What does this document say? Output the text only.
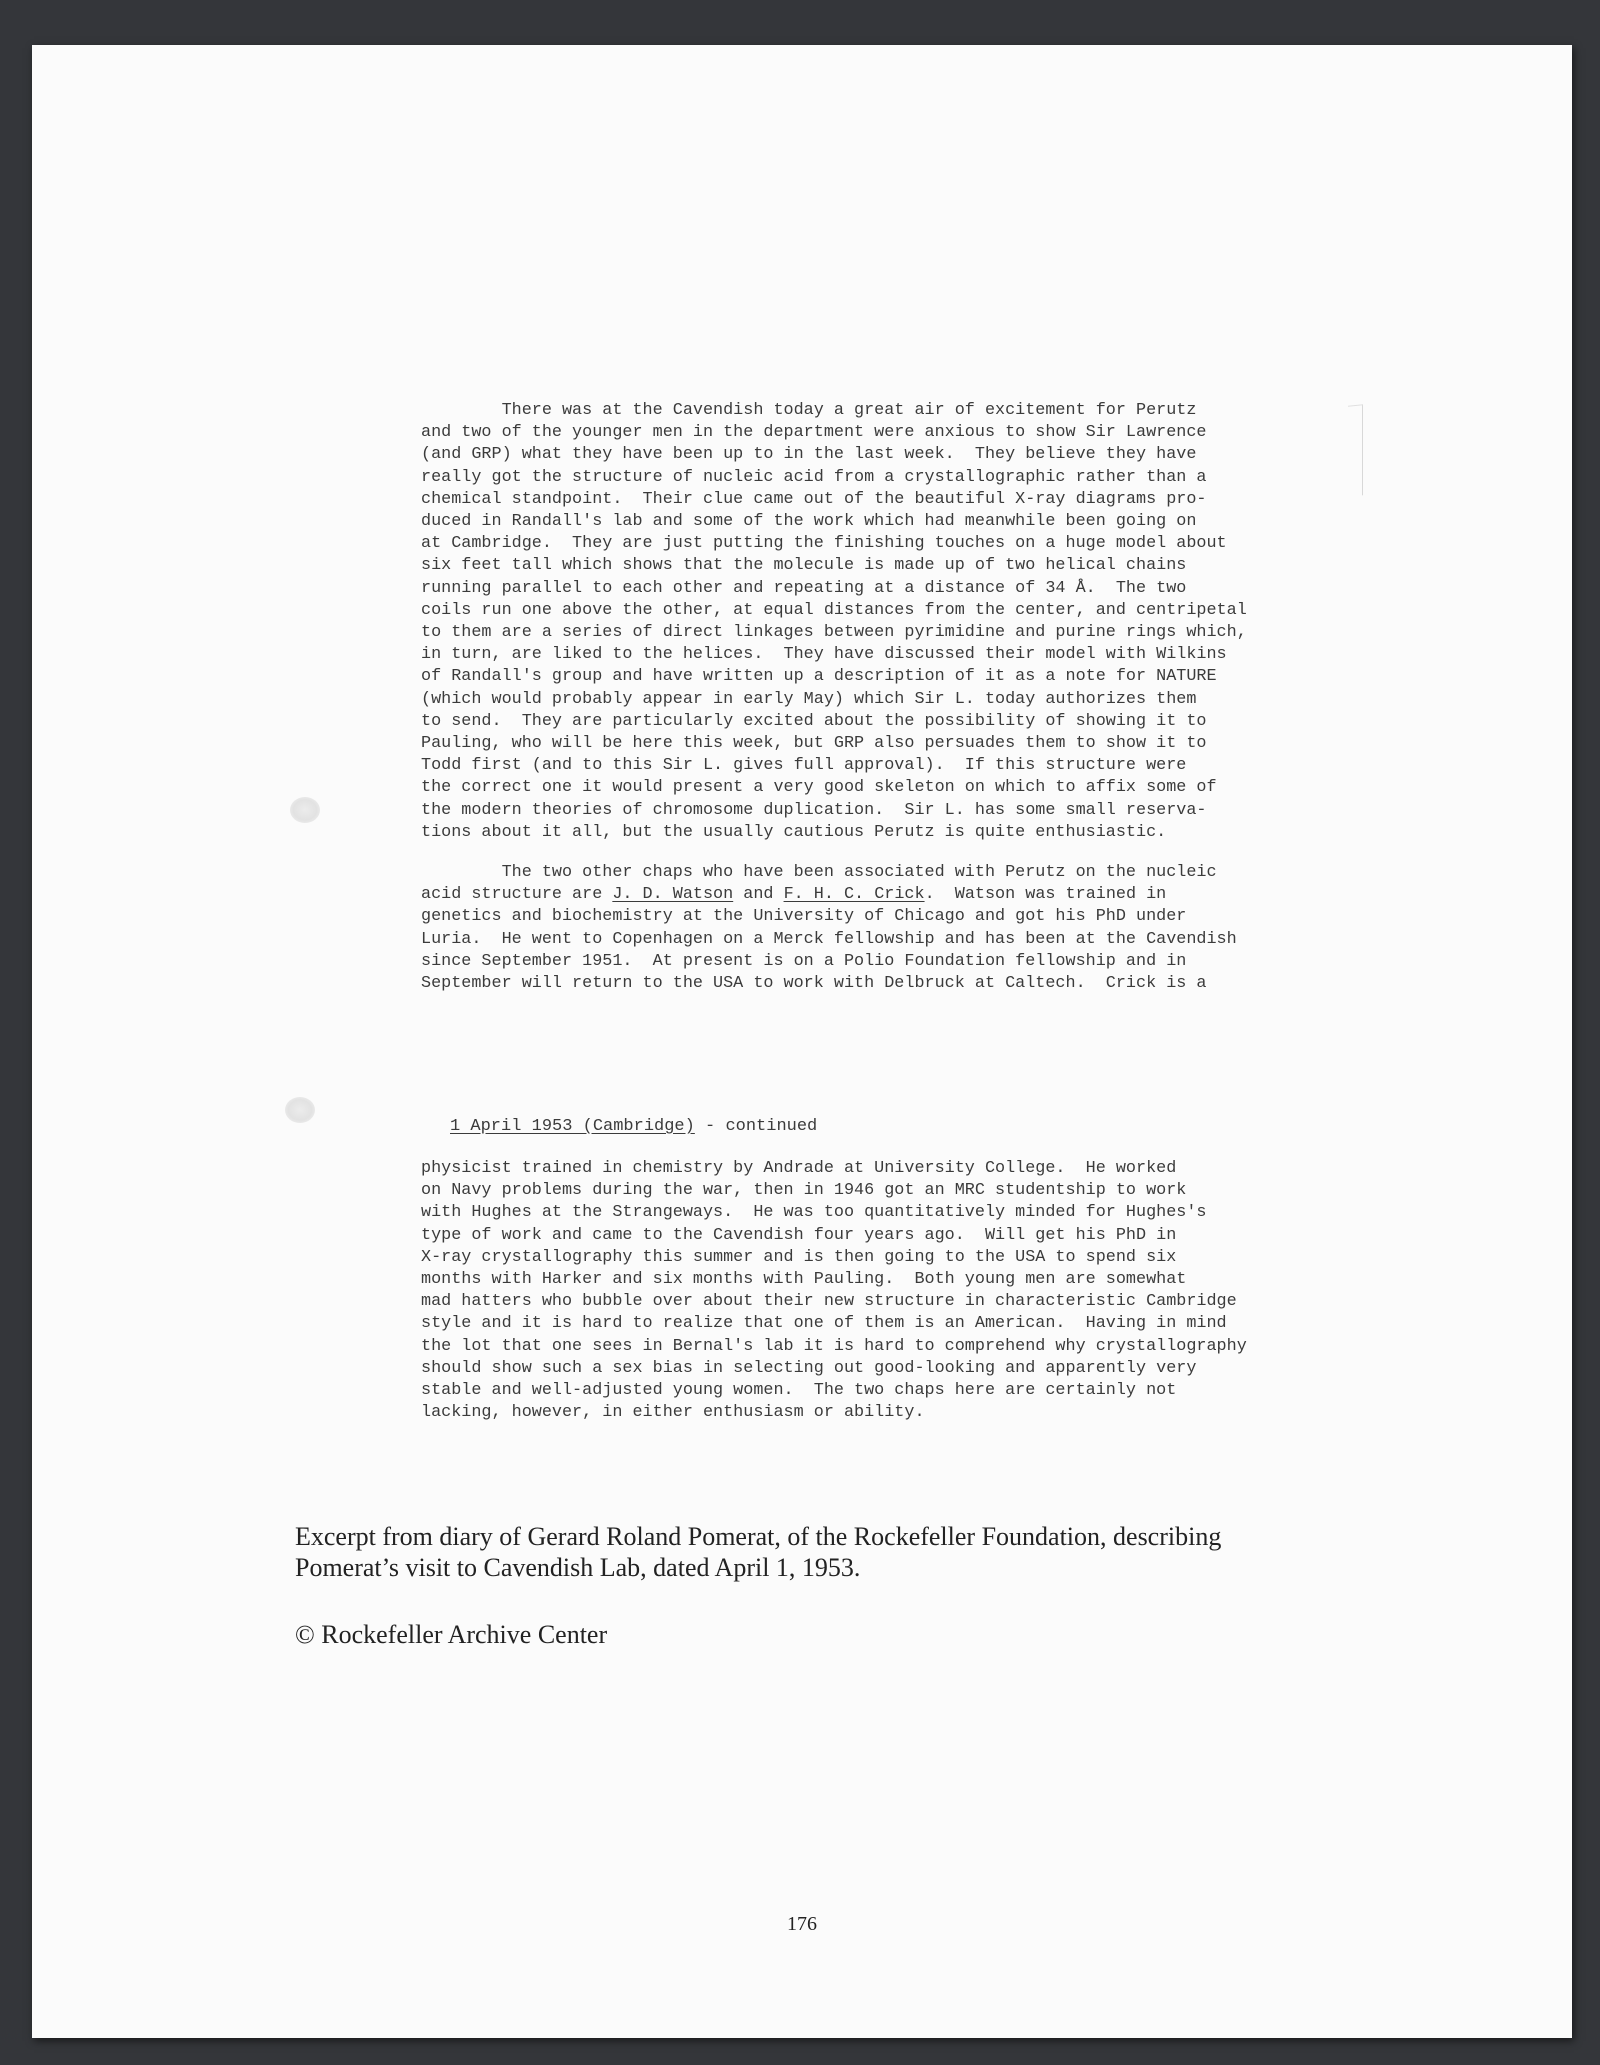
There was at the Cavendish today a great air of excitement for Perutz

and two of the younger men in the department were anxious to show Sir Lawrence

(and GRP) what they have been up to in the last week.  They believe they have

really got the structure of nucleic acid from a crystallographic rather than a

chemical standpoint.  Their clue came out of the beautiful X-ray diagrams pro-

duced in Randall's lab and some of the work which had meanwhile been going on

at Cambridge.  They are just putting the finishing touches on a huge model about

six feet tall which shows that the molecule is made up of two helical chains

running parallel to each other and repeating at a distance of 34 Å.  The two

coils run one above the other, at equal distances from the center, and centripetal

to them are a series of direct linkages between pyrimidine and purine rings which,

in turn, are liked to the helices.  They have discussed their model with Wilkins

of Randall's group and have written up a description of it as a note for NATURE

(which would probably appear in early May) which Sir L. today authorizes them

to send.  They are particularly excited about the possibility of showing it to

Pauling, who will be here this week, but GRP also persuades them to show it to

Todd first (and to this Sir L. gives full approval).  If this structure were

the correct one it would present a very good skeleton on which to affix some of

the modern theories of chromosome duplication.  Sir L. has some small reserva-

tions about it all, but the usually cautious Perutz is quite enthusiastic.

The two other chaps who have been associated with Perutz on the nucleic

acid structure are J. D. Watson and F. H. C. Crick.  Watson was trained in

genetics and biochemistry at the University of Chicago and got his PhD under

Luria.  He went to Copenhagen on a Merck fellowship and has been at the Cavendish

since September 1951.  At present is on a Polio Foundation fellowship and in

September will return to the USA to work with Delbruck at Caltech.  Crick is a

1 April 1953 (Cambridge) - continued

physicist trained in chemistry by Andrade at University College.  He worked

on Navy problems during the war, then in 1946 got an MRC studentship to work

with Hughes at the Strangeways.  He was too quantitatively minded for Hughes's

type of work and came to the Cavendish four years ago.  Will get his PhD in

X-ray crystallography this summer and is then going to the USA to spend six

months with Harker and six months with Pauling.  Both young men are somewhat

mad hatters who bubble over about their new structure in characteristic Cambridge

style and it is hard to realize that one of them is an American.  Having in mind

the lot that one sees in Bernal's lab it is hard to comprehend why crystallography

should show such a sex bias in selecting out good-looking and apparently very

stable and well-adjusted young women.  The two chaps here are certainly not

lacking, however, in either enthusiasm or ability.

Excerpt from diary of Gerard Roland Pomerat, of the Rockefeller Foundation, describing

Pomerat’s visit to Cavendish Lab, dated April 1, 1953.

© Rockefeller Archive Center
176
